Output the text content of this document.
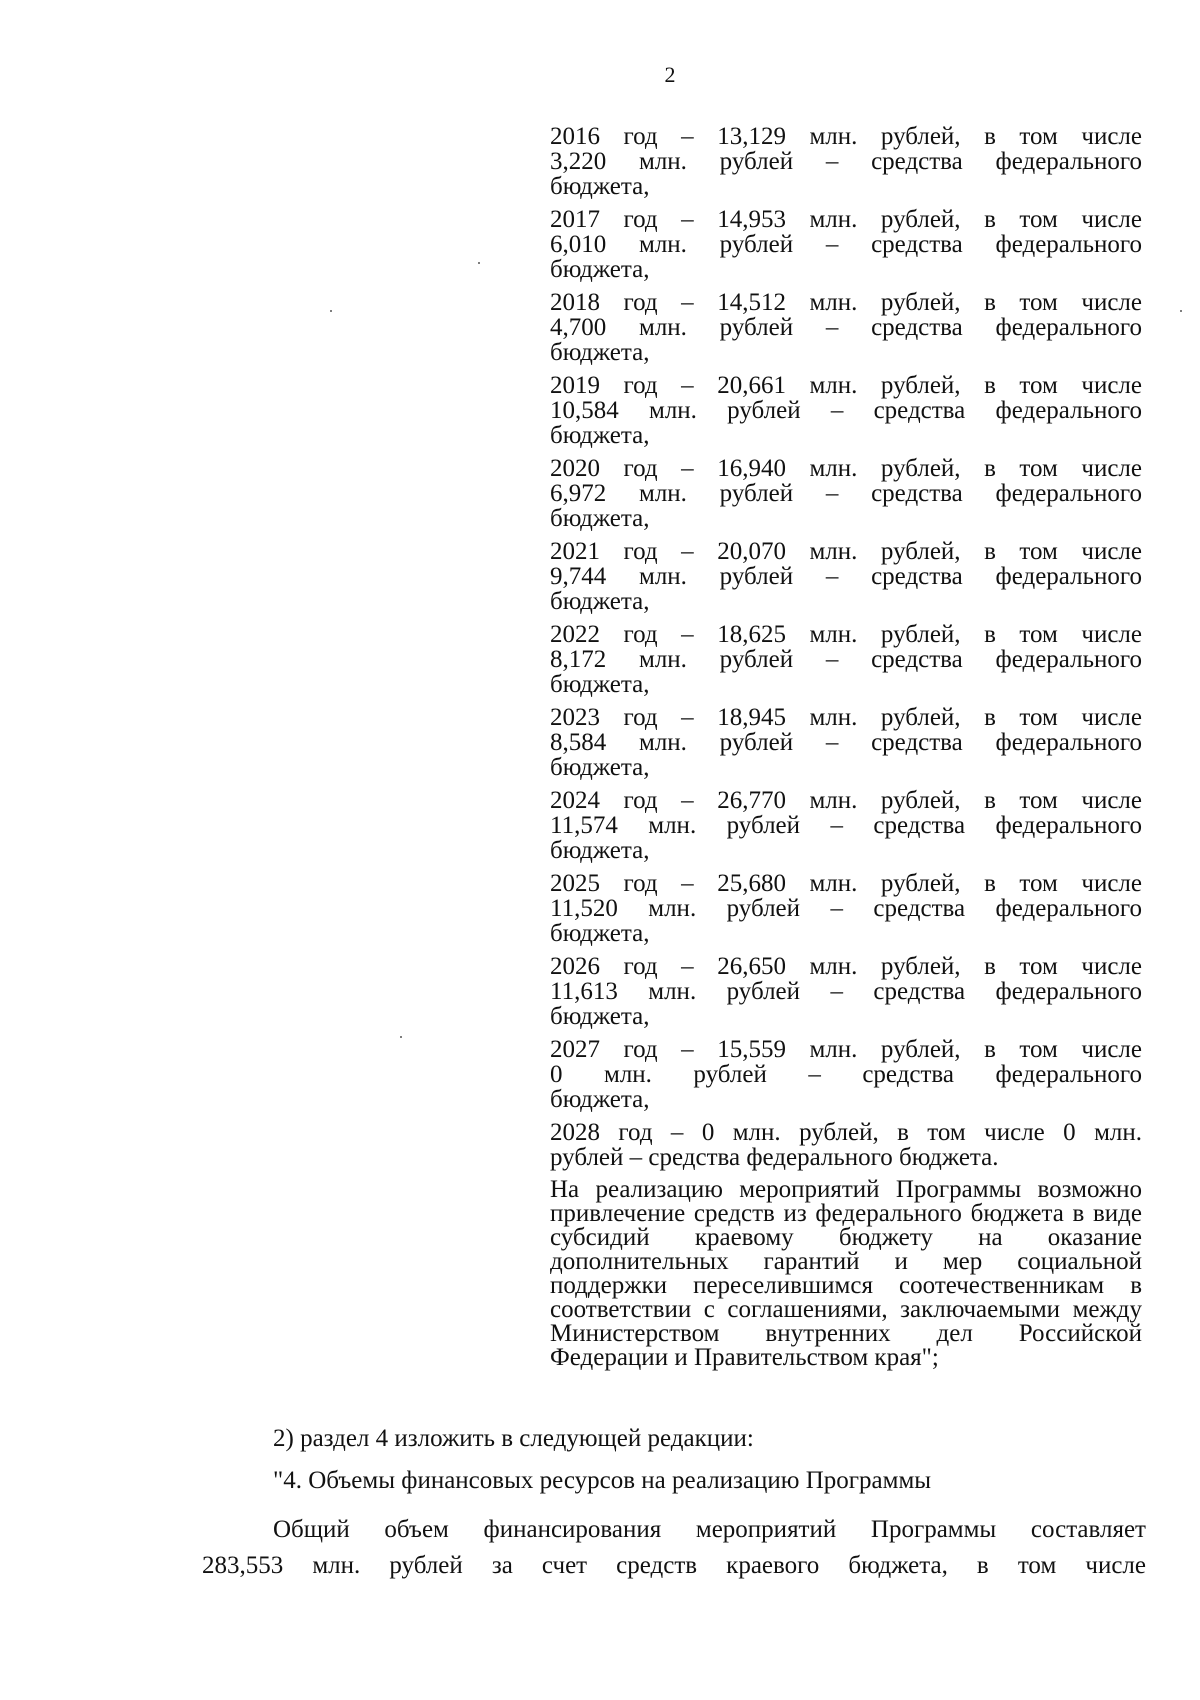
2
2016 год – 13,129 млн. рублей, в том числе
3,220 млн. рублей – средства федерального
бюджета,
2017 год – 14,953 млн. рублей, в том числе
6,010 млн. рублей – средства федерального
бюджета,
2018 год – 14,512 млн. рублей, в том числе
4,700 млн. рублей – средства федерального
бюджета,
2019 год – 20,661 млн. рублей, в том числе
10,584 млн. рублей – средства федерального
бюджета,
2020 год – 16,940 млн. рублей, в том числе
6,972 млн. рублей – средства федерального
бюджета,
2021 год – 20,070 млн. рублей, в том числе
9,744 млн. рублей – средства федерального
бюджета,
2022 год – 18,625 млн. рублей, в том числе
8,172 млн. рублей – средства федерального
бюджета,
2023 год – 18,945 млн. рублей, в том числе
8,584 млн. рублей – средства федерального
бюджета,
2024 год – 26,770 млн. рублей, в том числе
11,574 млн. рублей – средства федерального
бюджета,
2025 год – 25,680 млн. рублей, в том числе
11,520 млн. рублей – средства федерального
бюджета,
2026 год – 26,650 млн. рублей, в том числе
11,613 млн. рублей – средства федерального
бюджета,
2027 год – 15,559 млн. рублей, в том числе
0 млн. рублей – средства федерального
бюджета,
2028 год – 0 млн. рублей, в том числе 0 млн.
рублей – средства федерального бюджета.
На реализацию мероприятий Программы возможно привлечение средств из федерального бюджета в виде субсидий краевому бюджету на оказание дополнительных гарантий и мер социальной поддержки переселившимся соотечественникам в соответствии с соглашениями, заключаемыми между Министерством внутренних дел Российской Федерации и Правительством края";
2) раздел 4 изложить в следующей редакции:
"4. Объемы финансовых ресурсов на реализацию Программы
Общий объем финансирования мероприятий Программы составляет
283,553 млн. рублей за счет средств краевого бюджета, в том числе
